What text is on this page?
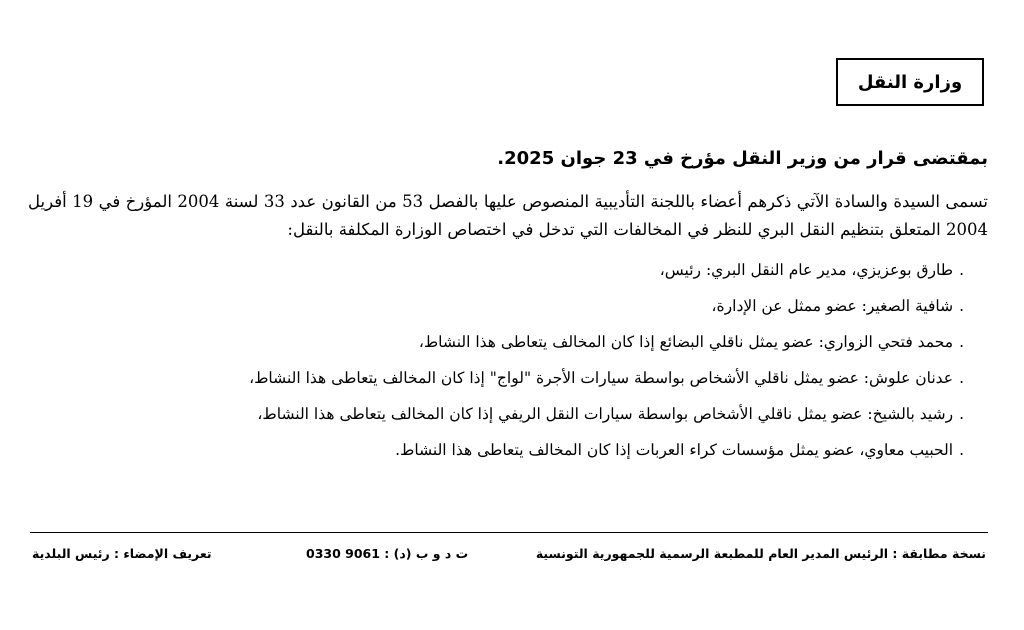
وزارة النقل
بمقتضى قرار من وزير النقل مؤرخ في 23 جوان 2025.
تسمى السيدة والسادة الآتي ذكرهم أعضاء باللجنة التأديبية المنصوص عليها بالفصل 53 من القانون عدد 33 لسنة 2004 المؤرخ في 19 أفريل 2004 المتعلق بتنظيم النقل البري للنظر في المخالفات التي تدخل في اختصاص الوزارة المكلفة بالنقل:
.طارق بوعزيزي، مدير عام النقل البري: رئيس،
.شافية الصغير: عضو ممثل عن الإدارة،
.محمد فتحي الزواري: عضو يمثل ناقلي البضائع إذا كان المخالف يتعاطى هذا النشاط،
.عدنان علوش: عضو يمثل ناقلي الأشخاص بواسطة سيارات الأجرة "لواج" إذا كان المخالف يتعاطى هذا النشاط،
.رشيد بالشيخ: عضو يمثل ناقلي الأشخاص بواسطة سيارات النقل الريفي إذا كان المخالف يتعاطى هذا النشاط،
.الحبيب معاوي، عضو يمثل مؤسسات كراء العربات إذا كان المخالف يتعاطى هذا النشاط.
نسخة مطابقة : الرئيس المدير العام للمطبعة الرسمية للجمهورية التونسية
ت د و ب (د) : 0330 9061
تعريف الإمضاء : رئيس البلدية
